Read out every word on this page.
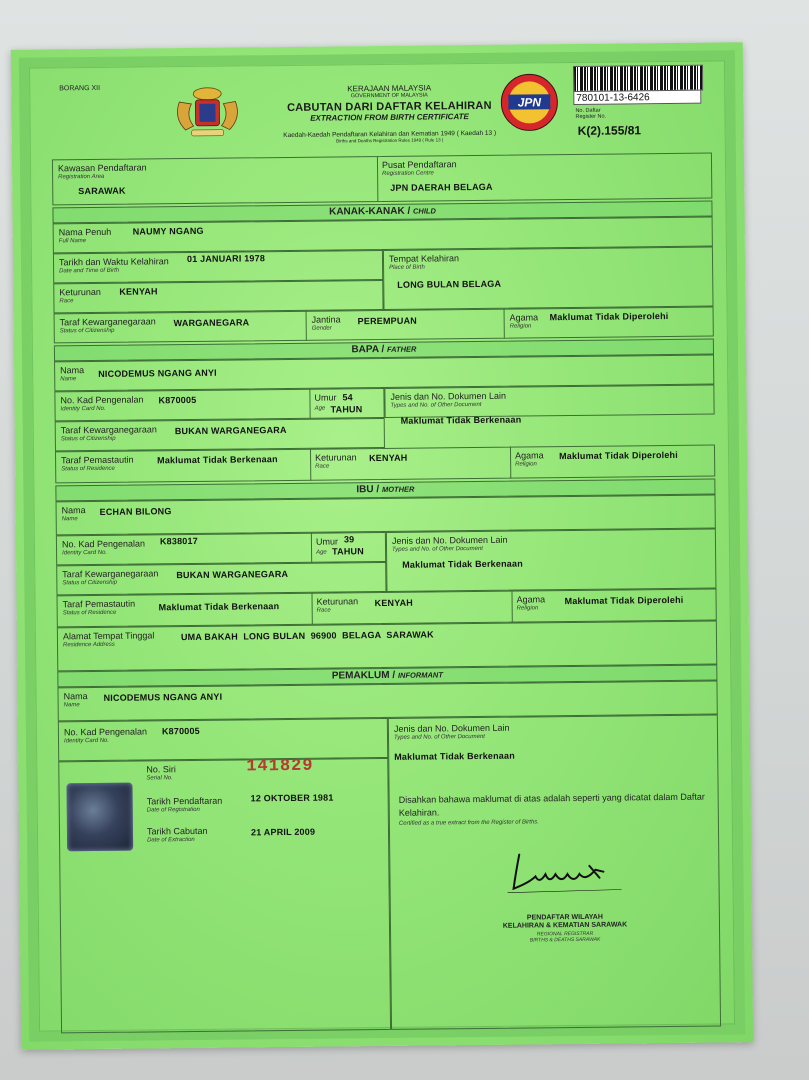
BORANG XII	KERAJAAN MALAYSIA
GOVERNMENT OF MALAYSIA
CABUTAN DARI DAFTAR KELAHIRAN
EXTRACTION FROM BIRTH CERTIFICATE
Kaedah-Kaedah Pendaftaran Kelahiran dan Kematian 1949 ( Kaedah 13 )
Births and Deaths Registration Rules 1949 ( Rule 13 )
JPN	780101-13-6426
No. Daftar
Register No.
K(2).155/81
Kawasan Pendaftaran
Registration Area
SARAWAK
Pusat Pendaftaran
Registration Centre
JPN DAERAH BELAGA
KANAK-KANAK / CHILD
Nama Penuh
Full Name
NAUMY NGANG
Tarikh dan Waktu Kelahiran
Date and Time of Birth
01 JANUARI 1978	Tempat Kelahiran
Place of Birth
LONG BULAN BELAGA
Keturunan
Race
KENYAH
Taraf Kewarganegaraan
Status of Citizenship
WARGANEGARA	Jantina
Gender
PEREMPUAN	Agama
Religion
Maklumat Tidak Diperolehi
BAPA / FATHER
Nama
Name
NICODEMUS NGANG ANYI
No. Kad Pengenalan
Identity Card No.
K870005	Umur 54
Age TAHUN
Jenis dan No. Dokumen Lain
Types and No. of Other Document
Maklumat Tidak Berkenaan
Taraf Kewarganegaraan
Status of Citizenship
BUKAN WARGANEGARA
Taraf Pemastautin
Status of Residence
Maklumat Tidak Berkenaan	Keturunan
Race
KENYAH	Agama
Religion
Maklumat Tidak Diperolehi
IBU / MOTHER
Nama
Name
ECHAN BILONG
No. Kad Pengenalan
Identity Card No.
K838017	Umur 39
Age TAHUN
Jenis dan No. Dokumen Lain
Types and No. of Other Document
Maklumat Tidak Berkenaan
Taraf Kewarganegaraan
Status of Citizenship
BUKAN WARGANEGARA
Taraf Pemastautin
Status of Residence
Maklumat Tidak Berkenaan	Keturunan
Race
KENYAH	Agama
Religion
Maklumat Tidak Diperolehi
Alamat Tempat Tinggal
Residence Address
UMA BAKAH  LONG BULAN  96900  BELAGA  SARAWAK
PEMAKLUM / INFORMANT
Nama
Name
NICODEMUS NGANG ANYI
No. Kad Pengenalan
Identity Card No.
K870005	Jenis dan No. Dokumen Lain
Types and No. of Other Document
Maklumat Tidak Berkenaan
No. Siri
Serial No.
141829
Tarikh Pendaftaran
Date of Registration
12 OKTOBER 1981
Tarikh Cabutan
Date of Extraction
21 APRIL 2009
Disahkan bahawa maklumat di atas adalah seperti yang dicatat dalam Daftar Kelahiran.
Certified as a true extract from the Register of Births.
PENDAFTAR WILAYAH
KELAHIRAN & KEMATIAN SARAWAK
REGIONAL REGISTRAR
BIRTHS & DEATHS SARAWAK
